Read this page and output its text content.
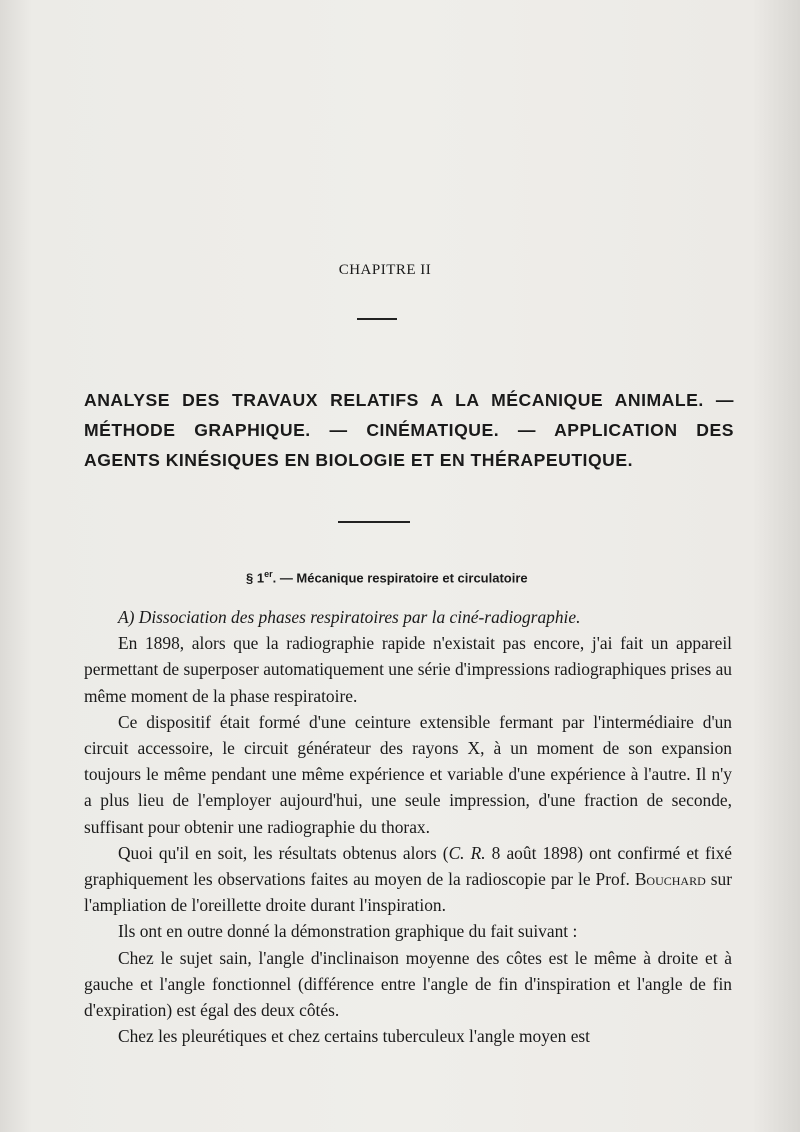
CHAPITRE II
ANALYSE DES TRAVAUX RELATIFS A LA MÉCANIQUE ANIMALE. — MÉTHODE GRAPHIQUE. — CINÉMATIQUE. — APPLICATION DES AGENTS KINÉSIQUES EN BIOLOGIE ET EN THÉRAPEUTIQUE.
§ 1er. — Mécanique respiratoire et circulatoire

A) Dissociation des phases respiratoires par la ciné-radiographie.

En 1898, alors que la radiographie rapide n'existait pas encore, j'ai fait un appareil permettant de superposer automatiquement une série d'impressions radiographiques prises au même moment de la phase respiratoire.

Ce dispositif était formé d'une ceinture extensible fermant par l'intermédiaire d'un circuit accessoire, le circuit générateur des rayons X, à un moment de son expansion toujours le même pendant une même expérience et variable d'une expérience à l'autre. Il n'y a plus lieu de l'employer aujourd'hui, une seule impression, d'une fraction de seconde, suffisant pour obtenir une radiographie du thorax.

Quoi qu'il en soit, les résultats obtenus alors (C. R. 8 août 1898) ont confirmé et fixé graphiquement les observations faites au moyen de la radioscopie par le Prof. Bouchard sur l'ampliation de l'oreillette droite durant l'inspiration.

Ils ont en outre donné la démonstration graphique du fait suivant :

Chez le sujet sain, l'angle d'inclinaison moyenne des côtes est le même à droite et à gauche et l'angle fonctionnel (différence entre l'angle de fin d'inspiration et l'angle de fin d'expiration) est égal des deux côtés.

Chez les pleurétiques et chez certains tuberculeux l'angle moyen est
